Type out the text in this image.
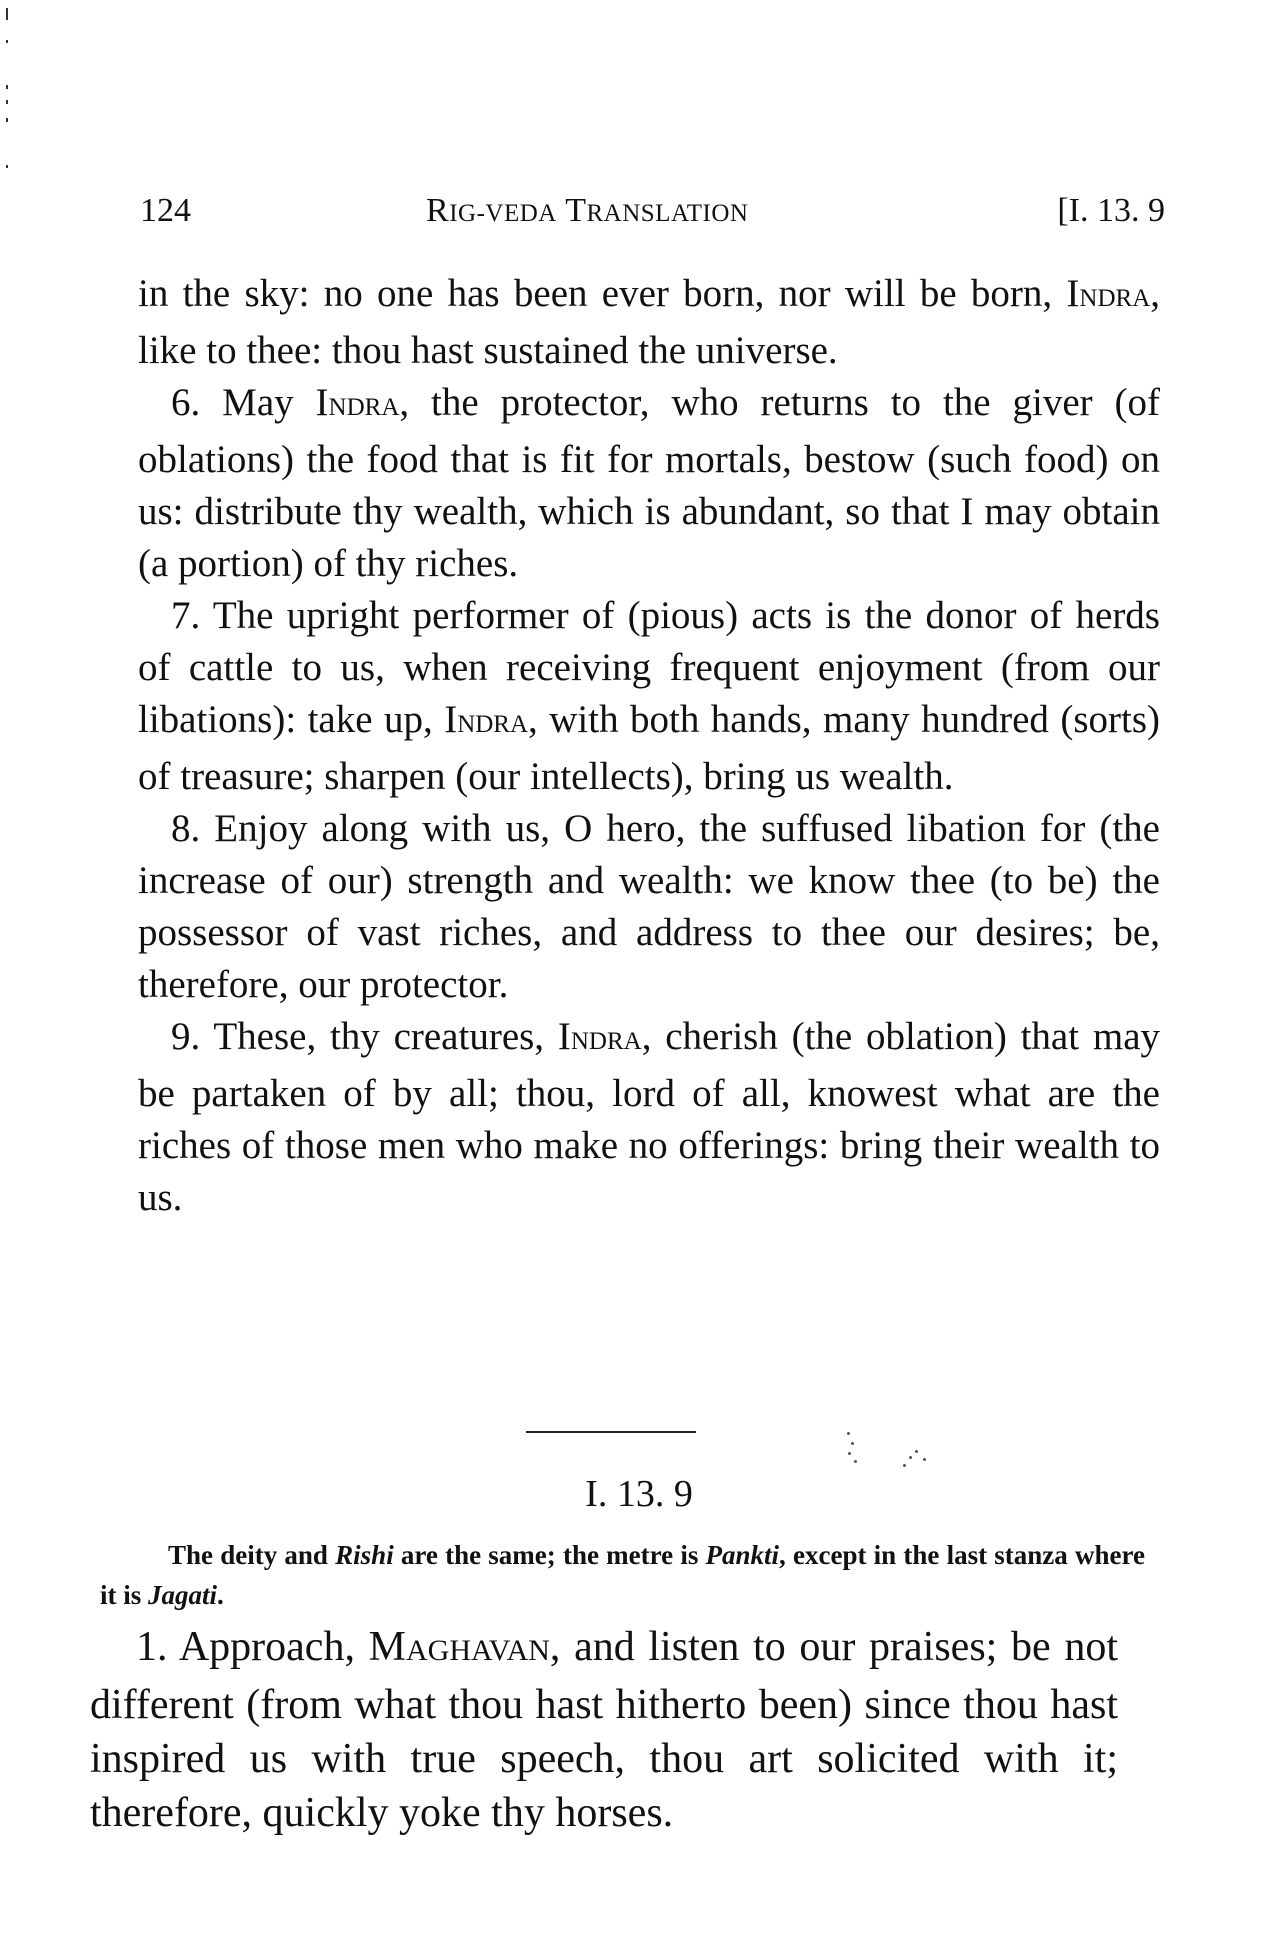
124	RIG-VEDA TRANSLATION	[I. 13. 9

in the sky: no one has been ever born, nor will be born, INDRA, like to thee: thou hast sustained the universe.

6. May INDRA, the protector, who returns to the giver (of oblations) the food that is fit for mortals, bestow (such food) on us: distribute thy wealth, which is abundant, so that I may obtain (a portion) of thy riches.

7. The upright performer of (pious) acts is the donor of herds of cattle to us, when receiving frequent enjoyment (from our libations): take up, INDRA, with both hands, many hundred (sorts) of treasure; sharpen (our intellects), bring us wealth.

8. Enjoy along with us, O hero, the suffused libation for (the increase of our) strength and wealth: we know thee (to be) the possessor of vast riches, and address to thee our desires; be, therefore, our protector.

9. These, thy creatures, INDRA, cherish (the oblation) that may be partaken of by all; thou, lord of all, knowest what are the riches of those men who make no offerings: bring their wealth to us.

I. 13. 9

The deity and Rishi are the same; the metre is Pankti, except in the last stanza where it is Jagati.

1. Approach, MAGHAVAN, and listen to our praises; be not different (from what thou hast hitherto been) since thou hast inspired us with true speech, thou art solicited with it; therefore, quickly yoke thy horses.
